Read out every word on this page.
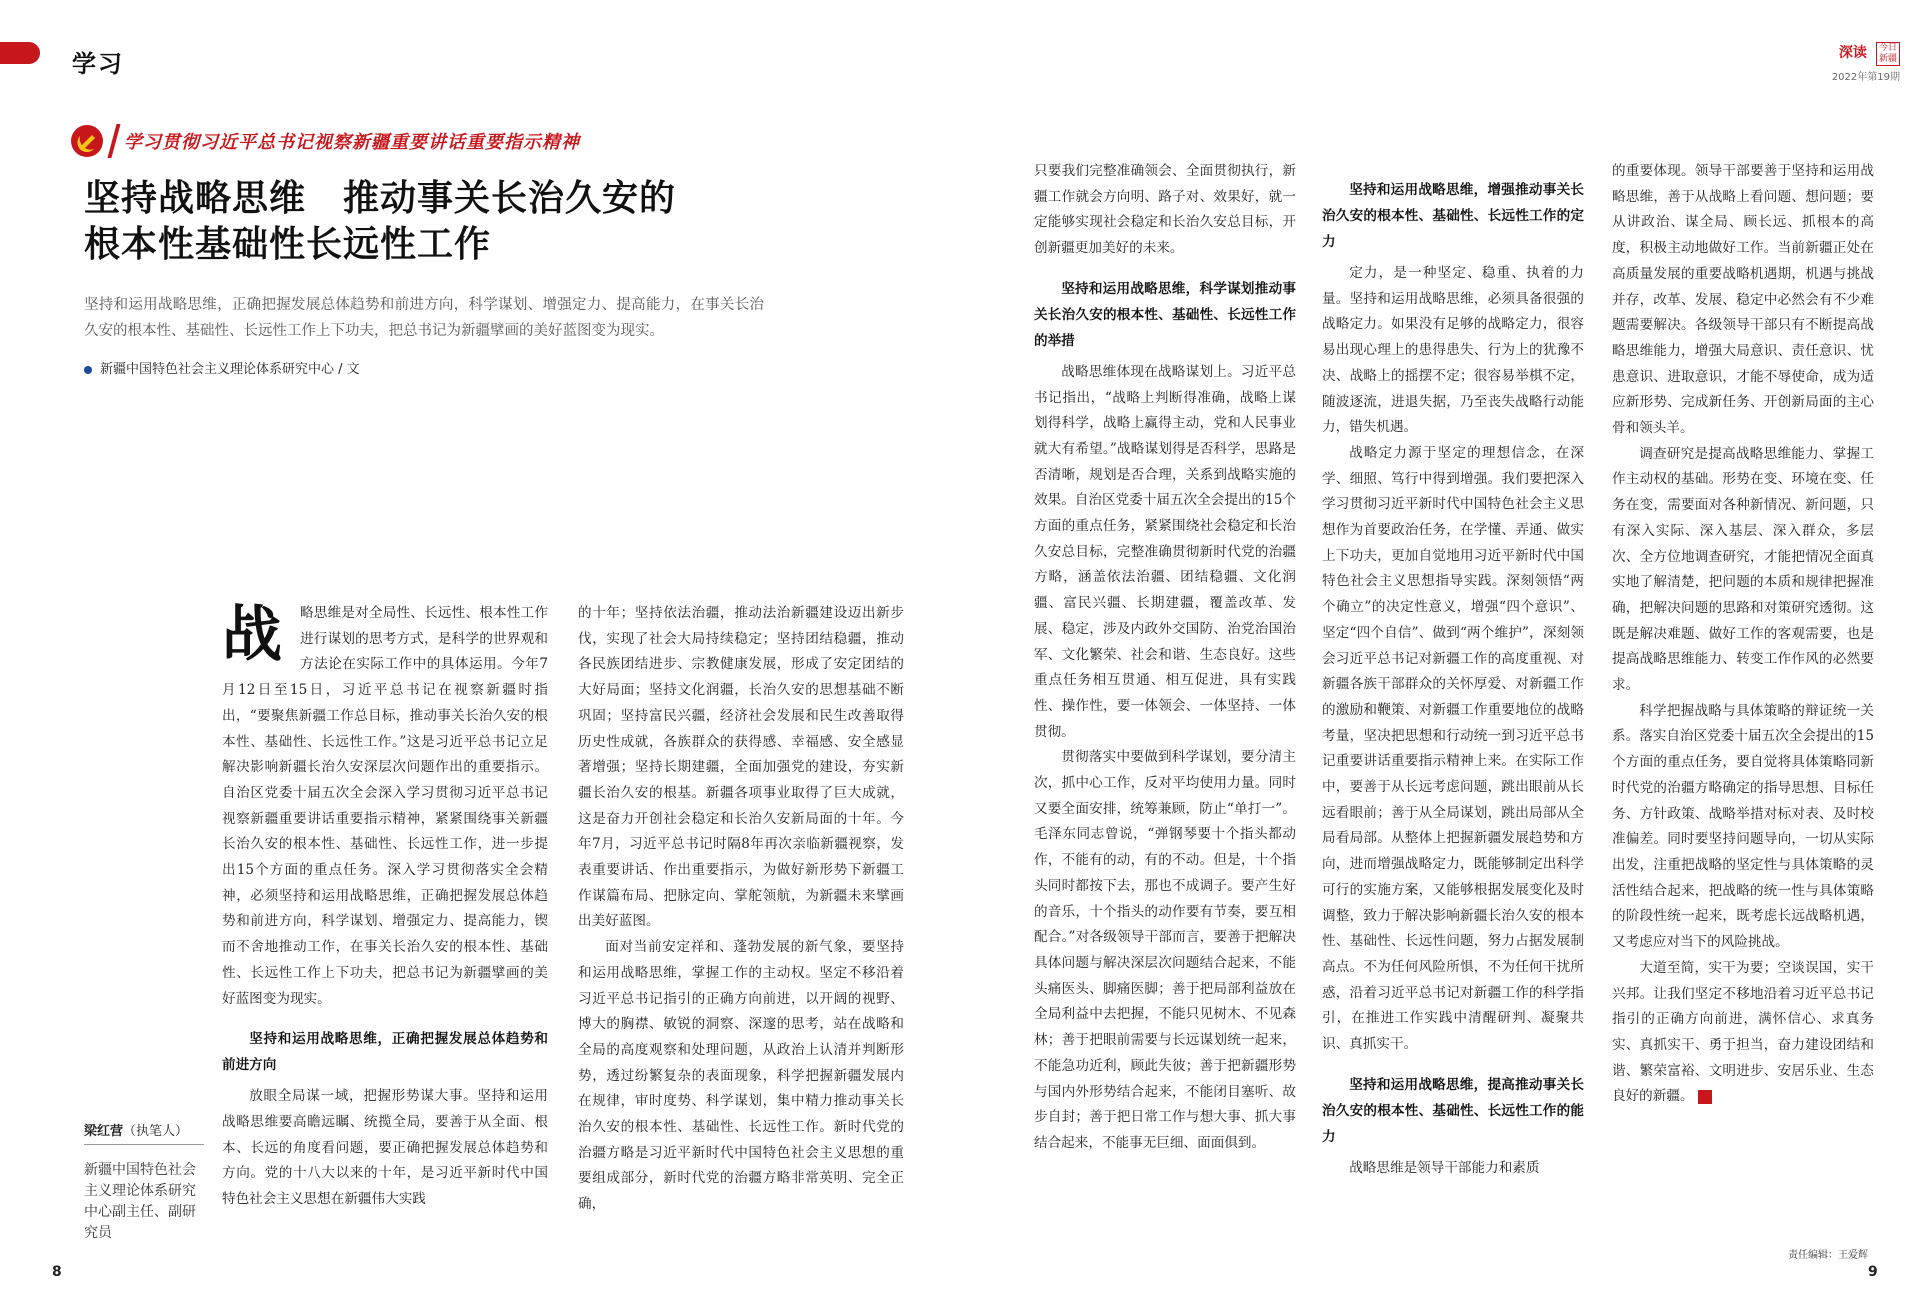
学习	深读 今日新疆
2022年第19期
学习贯彻习近平总书记视察新疆重要讲话重要指示精神
坚持战略思维　推动事关长治久安的
根本性基础性长远性工作
坚持和运用战略思维，正确把握发展总体趋势和前进方向，科学谋划、增强定力、提高能力，在事关长治久安的根本性、基础性、长远性工作上下功夫，把总书记为新疆擘画的美好蓝图变为现实。
新疆中国特色社会主义理论体系研究中心 / 文
梁红营（执笔人）
新疆中国特色社会主义理论体系研究中心副主任、副研究员
战	略思维是对全局性、长远性、根本性工作进行谋划的思考方式，是科学的世界观和方法论在实际工作中的具体运用。今年7月12日至15日，习近平总书记在视察新疆时指出，“要聚焦新疆工作总目标，推动事关长治久安的根本性、基础性、长远性工作。”这是习近平总书记立足解决影响新疆长治久安深层次问题作出的重要指示。自治区党委十届五次全会深入学习贯彻习近平总书记视察新疆重要讲话重要指示精神，紧紧围绕事关新疆长治久安的根本性、基础性、长远性工作，进一步提出15个方面的重点任务。深入学习贯彻落实全会精神，必须坚持和运用战略思维，正确把握发展总体趋势和前进方向，科学谋划、增强定力、提高能力，锲而不舍地推动工作，在事关长治久安的根本性、基础性、长远性工作上下功夫，把总书记为新疆擘画的美好蓝图变为现实。

坚持和运用战略思维，正确把握发展总体趋势和前进方向

放眼全局谋一域，把握形势谋大事。坚持和运用战略思维要高瞻远瞩、统揽全局，要善于从全面、根本、长远的角度看问题，要正确把握发展总体趋势和方向。党的十八大以来的十年，是习近平新时代中国特色社会主义思想在新疆伟大实践

的十年；坚持依法治疆，推动法治新疆建设迈出新步伐，实现了社会大局持续稳定；坚持团结稳疆，推动各民族团结进步、宗教健康发展，形成了安定团结的大好局面；坚持文化润疆，长治久安的思想基础不断巩固；坚持富民兴疆，经济社会发展和民生改善取得历史性成就，各族群众的获得感、幸福感、安全感显著增强；坚持长期建疆，全面加强党的建设，夯实新疆长治久安的根基。新疆各项事业取得了巨大成就，这是奋力开创社会稳定和长治久安新局面的十年。今年7月，习近平总书记时隔8年再次亲临新疆视察，发表重要讲话、作出重要指示，为做好新形势下新疆工作谋篇布局、把脉定向、掌舵领航，为新疆未来擘画出美好蓝图。

面对当前安定祥和、蓬勃发展的新气象，要坚持和运用战略思维，掌握工作的主动权。坚定不移沿着习近平总书记指引的正确方向前进，以开阔的视野、博大的胸襟、敏锐的洞察、深邃的思考，站在战略和全局的高度观察和处理问题，从政治上认清并判断形势，透过纷繁复杂的表面现象，科学把握新疆发展内在规律，审时度势、科学谋划，集中精力推动事关长治久安的根本性、基础性、长远性工作。新时代党的治疆方略是习近平新时代中国特色社会主义思想的重要组成部分，新时代党的治疆方略非常英明、完全正确，

只要我们完整准确领会、全面贯彻执行，新疆工作就会方向明、路子对、效果好，就一定能够实现社会稳定和长治久安总目标，开创新疆更加美好的未来。

坚持和运用战略思维，科学谋划推动事关长治久安的根本性、基础性、长远性工作的举措

战略思维体现在战略谋划上。习近平总书记指出，“战略上判断得准确，战略上谋划得科学，战略上赢得主动，党和人民事业就大有希望。”战略谋划得是否科学，思路是否清晰，规划是否合理，关系到战略实施的效果。自治区党委十届五次全会提出的15个方面的重点任务，紧紧围绕社会稳定和长治久安总目标，完整准确贯彻新时代党的治疆方略，涵盖依法治疆、团结稳疆、文化润疆、富民兴疆、长期建疆，覆盖改革、发展、稳定，涉及内政外交国防、治党治国治军、文化繁荣、社会和谐、生态良好。这些重点任务相互贯通、相互促进，具有实践性、操作性，要一体领会、一体坚持、一体贯彻。

贯彻落实中要做到科学谋划，要分清主次，抓中心工作，反对平均使用力量。同时又要全面安排，统筹兼顾，防止“单打一”。毛泽东同志曾说，“弹钢琴要十个指头都动作，不能有的动，有的不动。但是，十个指头同时都按下去，那也不成调子。要产生好的音乐，十个指头的动作要有节奏，要互相配合。”对各级领导干部而言，要善于把解决具体问题与解决深层次问题结合起来，不能头痛医头、脚痛医脚；善于把局部利益放在全局利益中去把握，不能只见树木、不见森林；善于把眼前需要与长远谋划统一起来，不能急功近利，顾此失彼；善于把新疆形势与国内外形势结合起来，不能闭目塞听、故步自封；善于把日常工作与想大事、抓大事结合起来，不能事无巨细、面面俱到。

坚持和运用战略思维，增强推动事关长治久安的根本性、基础性、长远性工作的定力

定力，是一种坚定、稳重、执着的力量。坚持和运用战略思维，必须具备很强的战略定力。如果没有足够的战略定力，很容易出现心理上的患得患失、行为上的犹豫不决、战略上的摇摆不定；很容易举棋不定，随波逐流，进退失据，乃至丧失战略行动能力，错失机遇。

战略定力源于坚定的理想信念，在深学、细照、笃行中得到增强。我们要把深入学习贯彻习近平新时代中国特色社会主义思想作为首要政治任务，在学懂、弄通、做实上下功夫，更加自觉地用习近平新时代中国特色社会主义思想指导实践。深刻领悟“两个确立”的决定性意义，增强“四个意识”、坚定“四个自信”、做到“两个维护”，深刻领会习近平总书记对新疆工作的高度重视、对新疆各族干部群众的关怀厚爱、对新疆工作的激励和鞭策、对新疆工作重要地位的战略考量，坚决把思想和行动统一到习近平总书记重要讲话重要指示精神上来。在实际工作中，要善于从长远考虑问题，跳出眼前从长远看眼前；善于从全局谋划，跳出局部从全局看局部。从整体上把握新疆发展趋势和方向，进而增强战略定力，既能够制定出科学可行的实施方案，又能够根据发展变化及时调整，致力于解决影响新疆长治久安的根本性、基础性、长远性问题，努力占据发展制高点。不为任何风险所惧，不为任何干扰所惑，沿着习近平总书记对新疆工作的科学指引，在推进工作实践中清醒研判、凝聚共识、真抓实干。

坚持和运用战略思维，提高推动事关长治久安的根本性、基础性、长远性工作的能力

战略思维是领导干部能力和素质

的重要体现。领导干部要善于坚持和运用战略思维，善于从战略上看问题、想问题；要从讲政治、谋全局、顾长远、抓根本的高度，积极主动地做好工作。当前新疆正处在高质量发展的重要战略机遇期，机遇与挑战并存，改革、发展、稳定中必然会有不少难题需要解决。各级领导干部只有不断提高战略思维能力，增强大局意识、责任意识、忧患意识、进取意识，才能不辱使命，成为适应新形势、完成新任务、开创新局面的主心骨和领头羊。

调查研究是提高战略思维能力、掌握工作主动权的基础。形势在变、环境在变、任务在变，需要面对各种新情况、新问题，只有深入实际、深入基层、深入群众，多层次、全方位地调查研究，才能把情况全面真实地了解清楚，把问题的本质和规律把握准确，把解决问题的思路和对策研究透彻。这既是解决难题、做好工作的客观需要，也是提高战略思维能力、转变工作作风的必然要求。

科学把握战略与具体策略的辩证统一关系。落实自治区党委十届五次全会提出的15个方面的重点任务，要自觉将具体策略同新时代党的治疆方略确定的指导思想、目标任务、方针政策、战略举措对标对表、及时校准偏差。同时要坚持问题导向，一切从实际出发，注重把战略的坚定性与具体策略的灵活性结合起来，把战略的统一性与具体策略的阶段性统一起来，既考虑长远战略机遇，又考虑应对当下的风险挑战。

大道至简，实干为要；空谈误国，实干兴邦。让我们坚定不移地沿着习近平总书记指引的正确方向前进，满怀信心、求真务实、真抓实干、勇于担当，奋力建设团结和谐、繁荣富裕、文明进步、安居乐业、生态良好的新疆。	J

8
责任编辑：王爱辉
9
